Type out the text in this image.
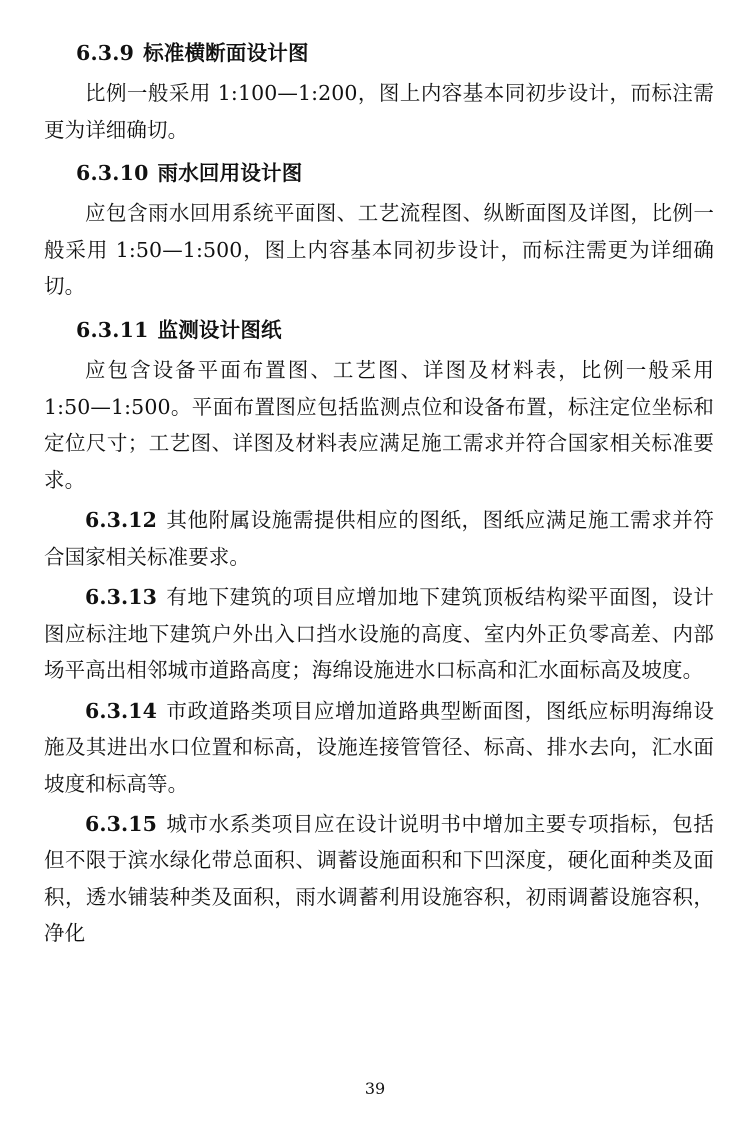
6.3.9 标准横断面设计图

比例一般采用 1:100—1:200，图上内容基本同初步设计，而标注需更为详细确切。

6.3.10 雨水回用设计图

应包含雨水回用系统平面图、工艺流程图、纵断面图及详图，比例一般采用 1:50—1:500，图上内容基本同初步设计，而标注需更为详细确切。

6.3.11 监测设计图纸

应包含设备平面布置图、工艺图、详图及材料表，比例一般采用 1:50—1:500。平面布置图应包括监测点位和设备布置，标注定位坐标和定位尺寸；工艺图、详图及材料表应满足施工需求并符合国家相关标准要求。

6.3.12 其他附属设施需提供相应的图纸，图纸应满足施工需求并符合国家相关标准要求。

6.3.13 有地下建筑的项目应增加地下建筑顶板结构梁平面图，设计图应标注地下建筑户外出入口挡水设施的高度、室内外正负零高差、内部场平高出相邻城市道路高度；海绵设施进水口标高和汇水面标高及坡度。

6.3.14 市政道路类项目应增加道路典型断面图，图纸应标明海绵设施及其进出水口位置和标高，设施连接管管径、标高、排水去向，汇水面坡度和标高等。

6.3.15 城市水系类项目应在设计说明书中增加主要专项指标，包括但不限于滨水绿化带总面积、调蓄设施面积和下凹深度，硬化面种类及面积，透水铺装种类及面积，雨水调蓄利用设施容积，初雨调蓄设施容积，净化

39
